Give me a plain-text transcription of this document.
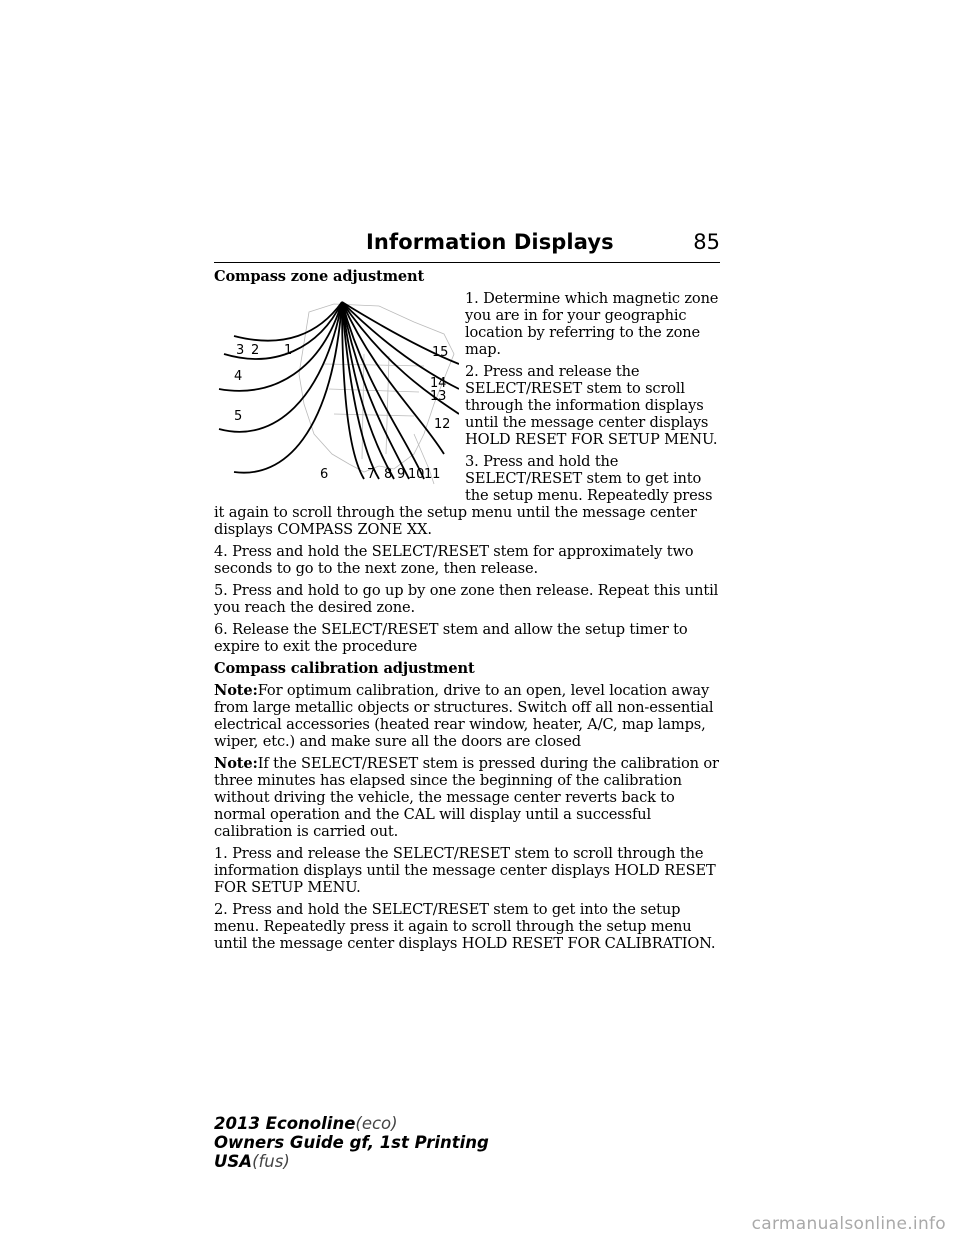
Information Displays	85

Compass zone adjustment

3 2 1
4
5
6	7 8 9 10 11
12
13
14
15

1. Determine which magnetic zone you are in for your geographic location by referring to the zone map.

2. Press and release the SELECT/RESET stem to scroll through the information displays until the message center displays HOLD RESET FOR SETUP MENU.

3. Press and hold the SELECT/RESET stem to get into the setup menu. Repeatedly press it again to scroll through the setup menu until the message center displays COMPASS ZONE XX.

4. Press and hold the SELECT/RESET stem for approximately two seconds to go to the next zone, then release.

5. Press and hold to go up by one zone then release. Repeat this until you reach the desired zone.

6. Release the SELECT/RESET stem and allow the setup timer to expire to exit the procedure

Compass calibration adjustment

Note:For optimum calibration, drive to an open, level location away from large metallic objects or structures. Switch off all non-essential electrical accessories (heated rear window, heater, A/C, map lamps, wiper, etc.) and make sure all the doors are closed

Note:If the SELECT/RESET stem is pressed during the calibration or three minutes has elapsed since the beginning of the calibration without driving the vehicle, the message center reverts back to normal operation and the CAL will display until a successful calibration is carried out.

1. Press and release the SELECT/RESET stem to scroll through the information displays until the message center displays HOLD RESET FOR SETUP MENU.

2. Press and hold the SELECT/RESET stem to get into the setup menu. Repeatedly press it again to scroll through the setup menu until the message center displays HOLD RESET FOR CALIBRATION.

2013 Econoline(eco)
Owners Guide gf, 1st Printing
USA(fus)
carmanualsonline.info
